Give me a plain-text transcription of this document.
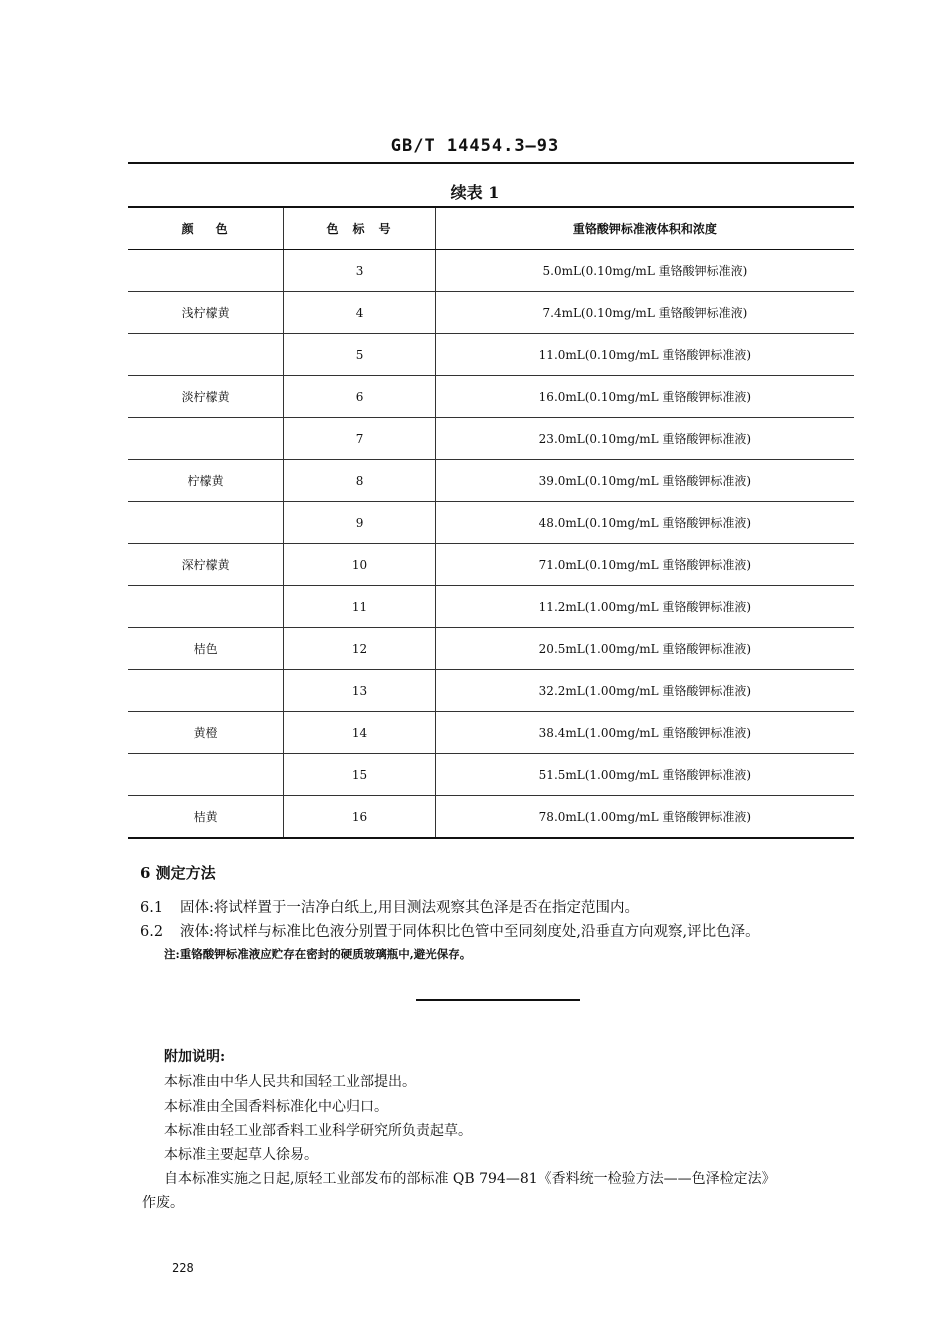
GB/T 14454.3—93
续表 1
颜色	色标号	重铬酸钾标准液体积和浓度
	3	5.0mL(0.10mg/mL 重铬酸钾标准液)
浅柠檬黄	4	7.4mL(0.10mg/mL 重铬酸钾标准液)
	5	11.0mL(0.10mg/mL 重铬酸钾标准液)
淡柠檬黄	6	16.0mL(0.10mg/mL 重铬酸钾标准液)
	7	23.0mL(0.10mg/mL 重铬酸钾标准液)
柠檬黄	8	39.0mL(0.10mg/mL 重铬酸钾标准液)
	9	48.0mL(0.10mg/mL 重铬酸钾标准液)
深柠檬黄	10	71.0mL(0.10mg/mL 重铬酸钾标准液)
	11	11.2mL(1.00mg/mL 重铬酸钾标准液)
桔色	12	20.5mL(1.00mg/mL 重铬酸钾标准液)
	13	32.2mL(1.00mg/mL 重铬酸钾标准液)
黄橙	14	38.4mL(1.00mg/mL 重铬酸钾标准液)
	15	51.5mL(1.00mg/mL 重铬酸钾标准液)
桔黄	16	78.0mL(1.00mg/mL 重铬酸钾标准液)
6 测定方法
6.1 固体:将试样置于一洁净白纸上,用目测法观察其色泽是否在指定范围内。
6.2 液体:将试样与标准比色液分别置于同体积比色管中至同刻度处,沿垂直方向观察,评比色泽。
注:重铬酸钾标准液应贮存在密封的硬质玻璃瓶中,避光保存。
附加说明:
本标准由中华人民共和国轻工业部提出。
本标准由全国香料标准化中心归口。
本标准由轻工业部香料工业科学研究所负责起草。
本标准主要起草人徐易。
自本标准实施之日起,原轻工业部发布的部标准 QB 794—81《香料统一检验方法——色泽检定法》
作废。
228
